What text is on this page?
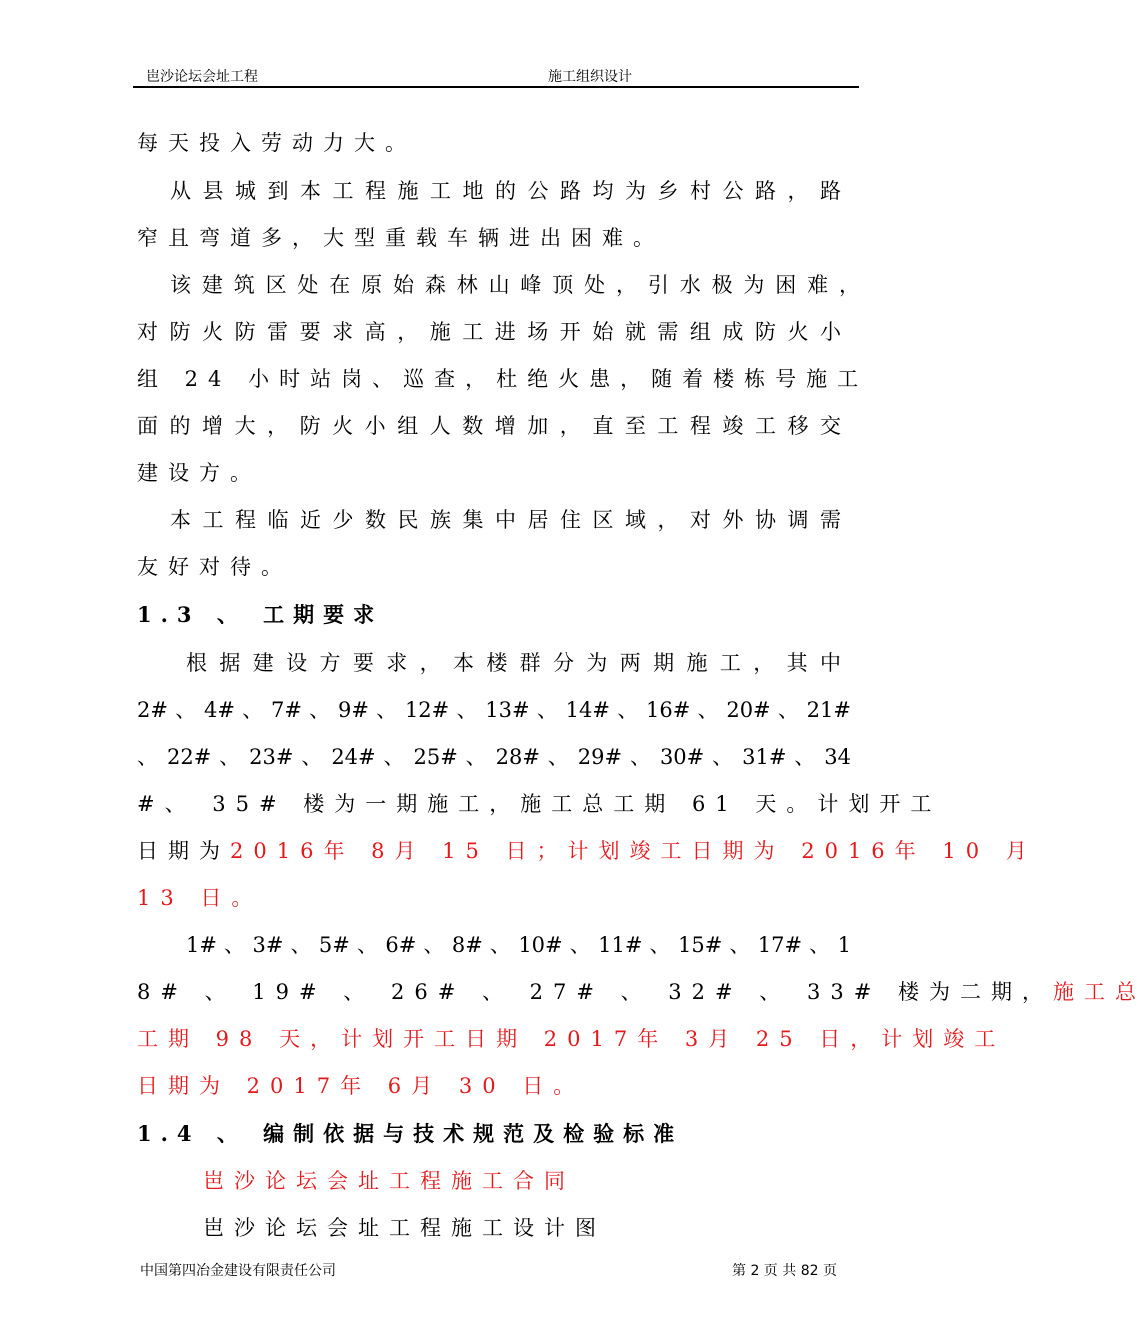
岜沙论坛会址工程	施工组织设计
每天投入劳动力大。
从县城到本工程施工地的公路均为乡村公路，路
窄且弯道多，大型重载车辆进出困难。
该建筑区处在原始森林山峰顶处，引水极为困难，
对防火防雷要求高，施工进场开始就需组成防火小
组 24 小时站岗、巡查，杜绝火患，随着楼栋号施工
面的增大，防火小组人数增加，直至工程竣工移交
建设方。
本工程临近少数民族集中居住区域，对外协调需
友好对待。
1.3 、 工期要求
根据建设方要求，本楼群分为两期施工，其中
2# 、 4# 、 7# 、 9# 、 12# 、 13# 、 14# 、 16# 、 20# 、 21#
、 22# 、 23# 、 24# 、 25# 、 28# 、 29# 、 30# 、 31# 、 34
#、 35# 楼为一期施工，施工总工期 61 天。计划开工
日期为2016年 8月 15 日；计划竣工日期为 2016年 10 月
13 日。
1# 、 3# 、 5# 、 6# 、 8# 、 10# 、 11# 、 15# 、 17# 、 1
8# 、 19# 、 26# 、 27# 、 32# 、 33# 楼为二期，施工总
工期 98 天，计划开工日期 2017年 3月 25 日，计划竣工
日期为 2017年 6月 30 日。
1.4 、 编制依据与技术规范及检验标准
岜沙论坛会址工程施工合同
岜沙论坛会址工程施工设计图
中国第四冶金建设有限责任公司	第 2 页 共 82 页
